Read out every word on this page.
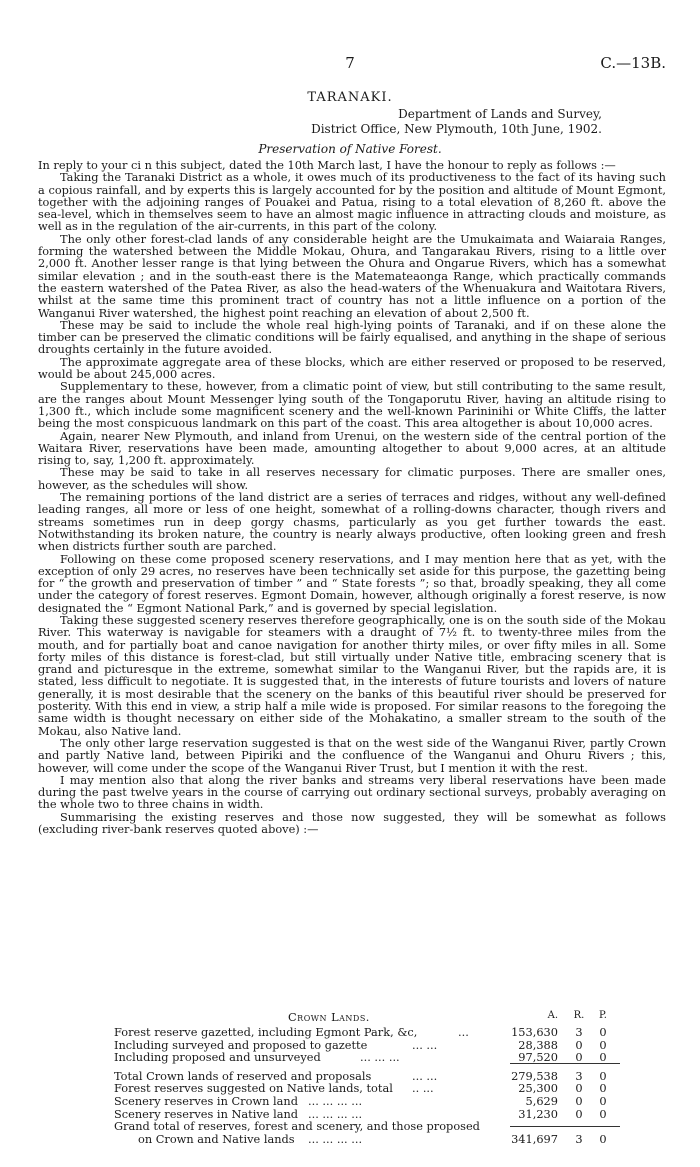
7	C.—13B.
TARANAKI.
Department of Lands and Survey,
District Office, New Plymouth, 10th June, 1902.
Preservation of Native Forest.

In reply to your ci n this subject, dated the 10th March last, I have the honour to reply as follows :—

Taking the Taranaki District as a whole, it owes much of its productiveness to the fact of its having such a copious rainfall, and by experts this is largely accounted for by the position and altitude of Mount Egmont, together with the adjoining ranges of Pouakei and Patua, rising to a total elevation of 8,260 ft. above the sea-level, which in themselves seem to have an almost magic influence in attracting clouds and moisture, as well as in the regulation of the air-currents, in this part of the colony.

The only other forest-clad lands of any considerable height are the Umukaimata and Waiaraia Ranges, forming the watershed between the Middle Mokau, Ohura, and Tangarakau Rivers, rising to a little over 2,000 ft. Another lesser range is that lying between the Ohura and Ongarue Rivers, which has a somewhat similar elevation ; and in the south-east there is the Matemateaonga Range, which practically commands the eastern watershed of the Patea River, as also the head-waters of the Whenuakura and Waitotara Rivers, whilst at the same time this prominent tract of country has not a little influence on a portion of the Wanganui River watershed, the highest point reaching an elevation of about 2,500 ft.

These may be said to include the whole real high-lying points of Taranaki, and if on these alone the timber can be preserved the climatic conditions will be fairly equalised, and anything in the shape of serious droughts certainly in the future avoided.

The approximate aggregate area of these blocks, which are either reserved or proposed to be reserved, would be about 245,000 acres.

Supplementary to these, however, from a climatic point of view, but still contributing to the same result, are the ranges about Mount Messenger lying south of the Tongaporutu River, having an altitude rising to 1,300 ft., which include some magnificent scenery and the well-known Parininihi or White Cliffs, the latter being the most conspicuous landmark on this part of the coast. This area altogether is about 10,000 acres.

Again, nearer New Plymouth, and inland from Urenui, on the western side of the central portion of the Waitara River, reservations have been made, amounting altogether to about 9,000 acres, at an altitude rising to, say, 1,200 ft. approximately.

These may be said to take in all reserves necessary for climatic purposes. There are smaller ones, however, as the schedules will show.

The remaining portions of the land district are a series of terraces and ridges, without any well-defined leading ranges, all more or less of one height, somewhat of a rolling-downs character, though rivers and streams sometimes run in deep gorgy chasms, particularly as you get further towards the east. Notwithstanding its broken nature, the country is nearly always productive, often looking green and fresh when districts further south are parched.

Following on these come proposed scenery reservations, and I may mention here that as yet, with the exception of only 29 acres, no reserves have been technically set aside for this purpose, the gazetting being for “ the growth and preservation of timber ” and “ State forests ”; so that, broadly speaking, they all come under the category of forest reserves. Egmont Domain, however, although originally a forest reserve, is now designated the “ Egmont National Park,” and is governed by special legislation.

Taking these suggested scenery reserves therefore geographically, one is on the south side of the Mokau River. This waterway is navigable for steamers with a draught of 7½ ft. to twenty-three miles from the mouth, and for partially boat and canoe navigation for another thirty miles, or over fifty miles in all. Some forty miles of this distance is forest-clad, but still virtually under Native title, embracing scenery that is grand and picturesque in the extreme, somewhat similar to the Wanganui River, but the rapids are, it is stated, less difficult to negotiate. It is suggested that, in the interests of future tourists and lovers of nature generally, it is most desirable that the scenery on the banks of this beautiful river should be preserved for posterity. With this end in view, a strip half a mile wide is proposed. For similar reasons to the foregoing the same width is thought necessary on either side of the Mohakatino, a smaller stream to the south of the Mokau, also Native land.

The only other large reservation suggested is that on the west side of the Wanganui River, partly Crown and partly Native land, between Pipiriki and the confluence of the Wanganui and Ohuru Rivers ; this, however, will come under the scope of the Wanganui River Trust, but I mention it with the rest.

I may mention also that along the river banks and streams very liberal reservations have been made during the past twelve years in the course of carrying out ordinary sectional surveys, probably averaging on the whole two to three chains in width.

Summarising the existing reserves and those now suggested, they will be somewhat as follows (excluding river-bank reserves quoted above) :—

Crown Lands.	A. R.	P.
Forest reserve gazetted, including Egmont Park, &c,	...	153,630 3 0
Including surveyed and proposed to gazette	... ...	28,388 0 0
Including proposed and unsurveyed	... ... ...	97,520 0 0
Total Crown lands of reserved and proposals	... ...	279,538 3 0
Forest reserves suggested on Native lands, total .. ...	25,300 0 0
Scenery reserves in Crown land ... ... ... ...	5,629 0 0
Scenery reserves in Native land ... ... ... ...	31,230 0 0
Grand total of reserves, forest and scenery, and those proposed
on Crown and Native lands ... ... ... ...	341,697 3 0
